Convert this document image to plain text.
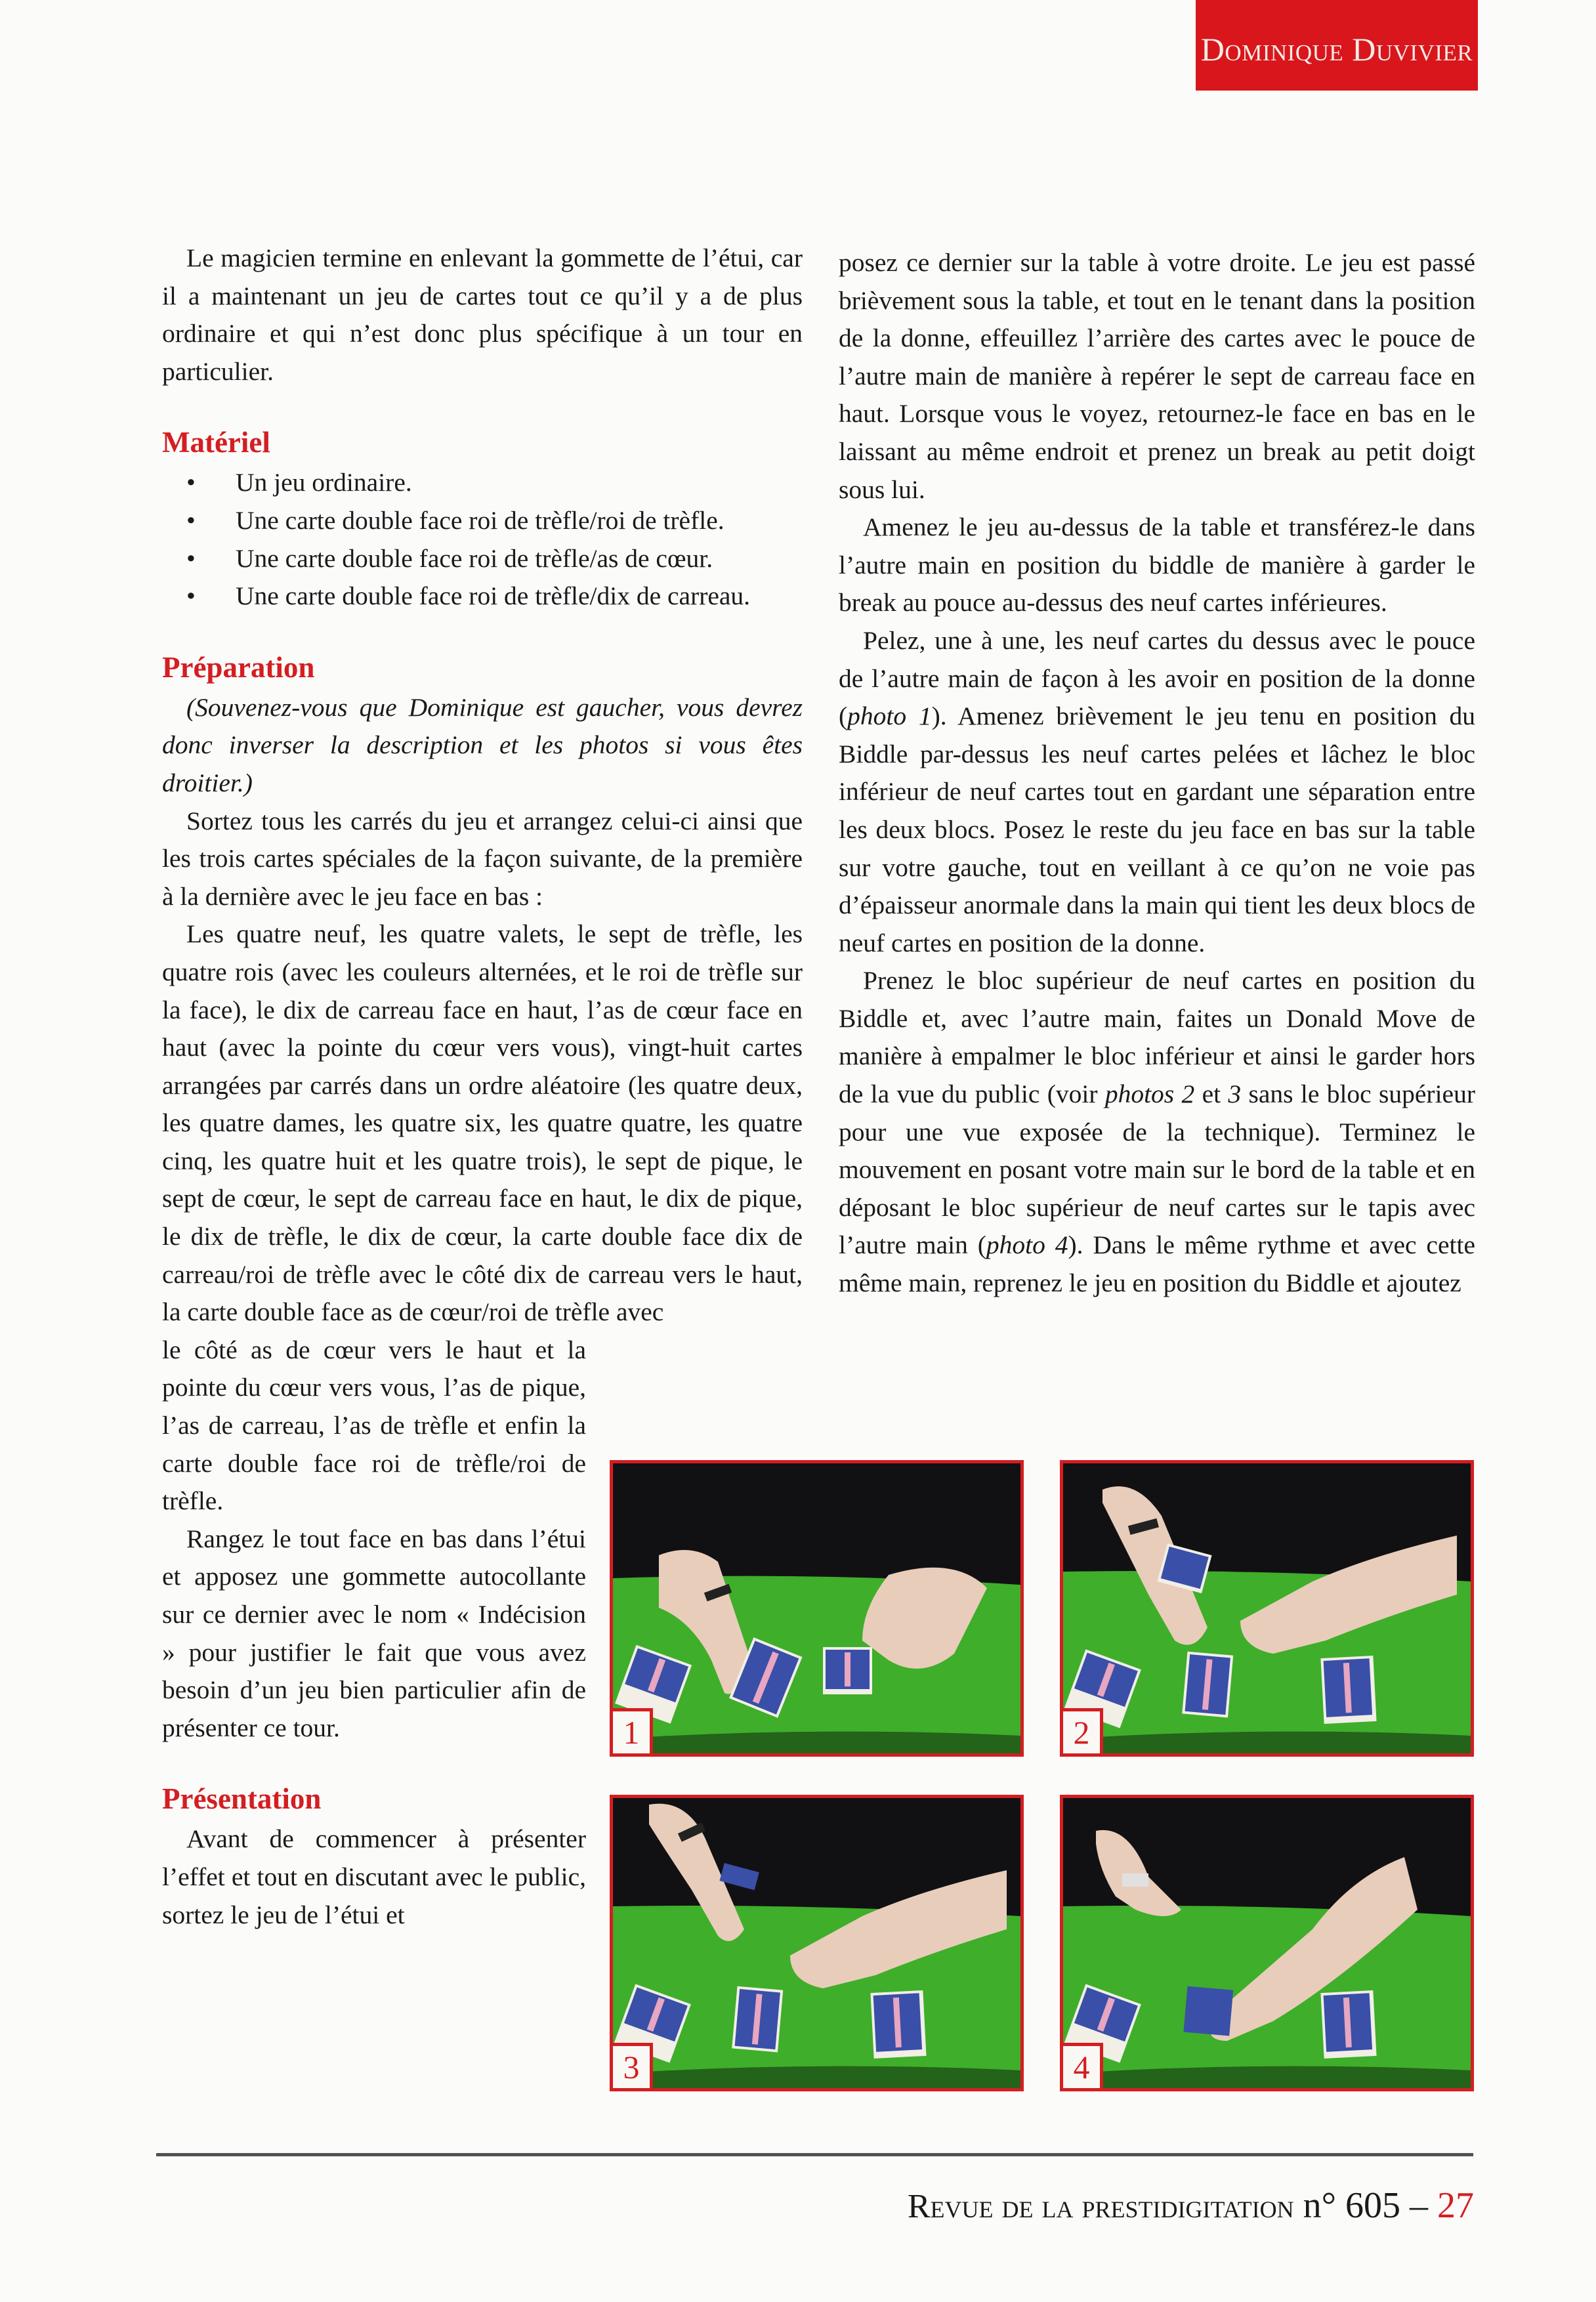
Dominique Duvivier

Le magicien termine en enlevant la gommette de l’étui, car il a maintenant un jeu de cartes tout ce qu’il y a de plus ordinaire et qui n’est donc plus spécifique à un tour en particulier.

Matériel
• Un jeu ordinaire.
• Une carte double face roi de trèfle/roi de trèfle.
• Une carte double face roi de trèfle/as de cœur.
• Une carte double face roi de trèfle/dix de carreau.
Préparation

(Souvenez-vous que Dominique est gaucher, vous devrez donc inverser la description et les photos si vous êtes droitier.)

Sortez tous les carrés du jeu et arrangez celui-ci ainsi que les trois cartes spéciales de la façon suivante, de la première à la dernière avec le jeu face en bas :

Les quatre neuf, les quatre valets, le sept de trèfle, les quatre rois (avec les couleurs alternées, et le roi de trèfle sur la face), le dix de carreau face en haut, l’as de cœur face en haut (avec la pointe du cœur vers vous), vingt-huit cartes arrangées par carrés dans un ordre aléatoire (les quatre deux, les quatre dames, les quatre six, les quatre quatre, les quatre cinq, les quatre huit et les quatre trois), le sept de pique, le sept de cœur, le sept de carreau face en haut, le dix de pique, le dix de trèfle, le dix de cœur, la carte double face dix de carreau/roi de trèfle avec le côté dix de carreau vers le haut, la carte double face as de cœur/roi de trèfle avec

le côté as de cœur vers le haut et la pointe du cœur vers vous, l’as de pique, l’as de carreau, l’as de trèfle et enfin la carte double face roi de trèfle/roi de trèfle.

Rangez le tout face en bas dans l’étui et apposez une gommette autocollante sur ce dernier avec le nom « Indécision » pour justifier le fait que vous avez besoin d’un jeu bien particulier afin de présenter ce tour.

Présentation

Avant de commencer à présenter l’effet et tout en discutant avec le public, sortez le jeu de l’étui et

posez ce dernier sur la table à votre droite. Le jeu est passé brièvement sous la table, et tout en le tenant dans la position de la donne, effeuillez l’arrière des cartes avec le pouce de l’autre main de manière à repérer le sept de carreau face en haut. Lorsque vous le voyez, retournez-le face en bas en le laissant au même endroit et prenez un break au petit doigt sous lui.

Amenez le jeu au-dessus de la table et transférez-le dans l’autre main en position du biddle de manière à garder le break au pouce au-dessus des neuf cartes inférieures.

Pelez, une à une, les neuf cartes du dessus avec le pouce de l’autre main de façon à les avoir en position de la donne (photo 1). Amenez brièvement le jeu tenu en position du Biddle par-dessus les neuf cartes pelées et lâchez le bloc inférieur de neuf cartes tout en gardant une séparation entre les deux blocs. Posez le reste du jeu face en bas sur la table sur votre gauche, tout en veillant à ce qu’on ne voie pas d’épaisseur anormale dans la main qui tient les deux blocs de neuf cartes en position de la donne.

Prenez le bloc supérieur de neuf cartes en position du Biddle et, avec l’autre main, faites un Donald Move de manière à empalmer le bloc inférieur et ainsi le garder hors de la vue du public (voir photos 2 et 3 sans le bloc supérieur pour une vue exposée de la technique). Terminez le mouvement en posant votre main sur le bord de la table et en déposant le bloc supérieur de neuf cartes sur le tapis avec l’autre main (photo 4). Dans le même rythme et avec cette même main, reprenez le jeu en position du Biddle et ajoutez

1	2
3	4
Revue de la prestidigitation n° 605 – 27
